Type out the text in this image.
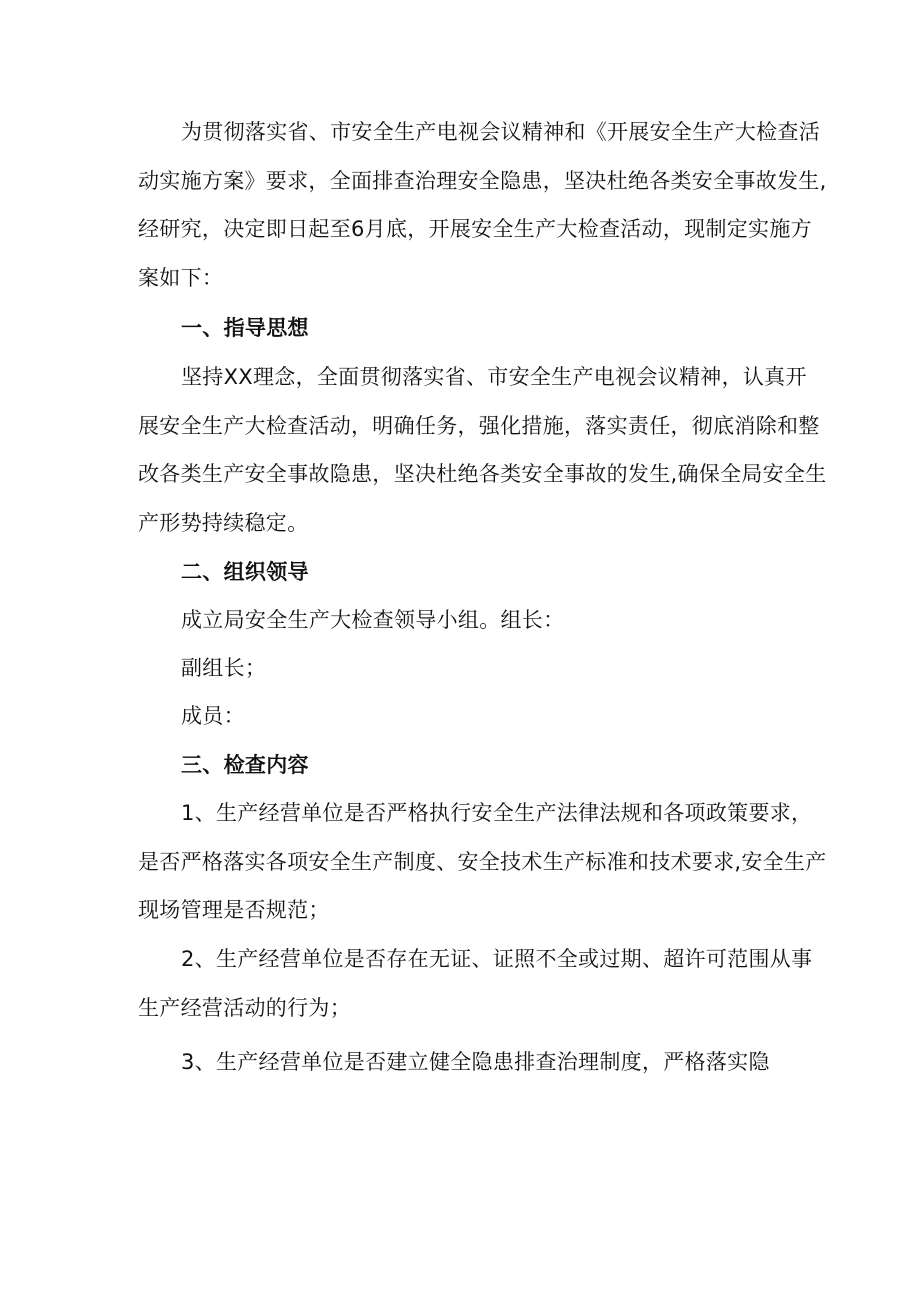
为贯彻落实省、市安全生产电视会议精神和《开展安全生产大检查活
动实施方案》要求，全面排查治理安全隐患，坚决杜绝各类安全事故发生,
经研究，决定即日起至6月底，开展安全生产大检查活动，现制定实施方
案如下：
一、指导思想
坚持XX理念，全面贯彻落实省、市安全生产电视会议精神，认真开
展安全生产大检查活动，明确任务，强化措施，落实责任，彻底消除和整
改各类生产安全事故隐患，坚决杜绝各类安全事故的发生,确保全局安全生
产形势持续稳定。
二、组织领导
成立局安全生产大检查领导小组。组长：
副组长；
成员：
三、检查内容
1、生产经营单位是否严格执行安全生产法律法规和各项政策要求，
是否严格落实各项安全生产制度、安全技术生产标准和技术要求,安全生产
现场管理是否规范；
2、生产经营单位是否存在无证、证照不全或过期、超许可范围从事
生产经营活动的行为；
3、生产经营单位是否建立健全隐患排查治理制度，严格落实隐
